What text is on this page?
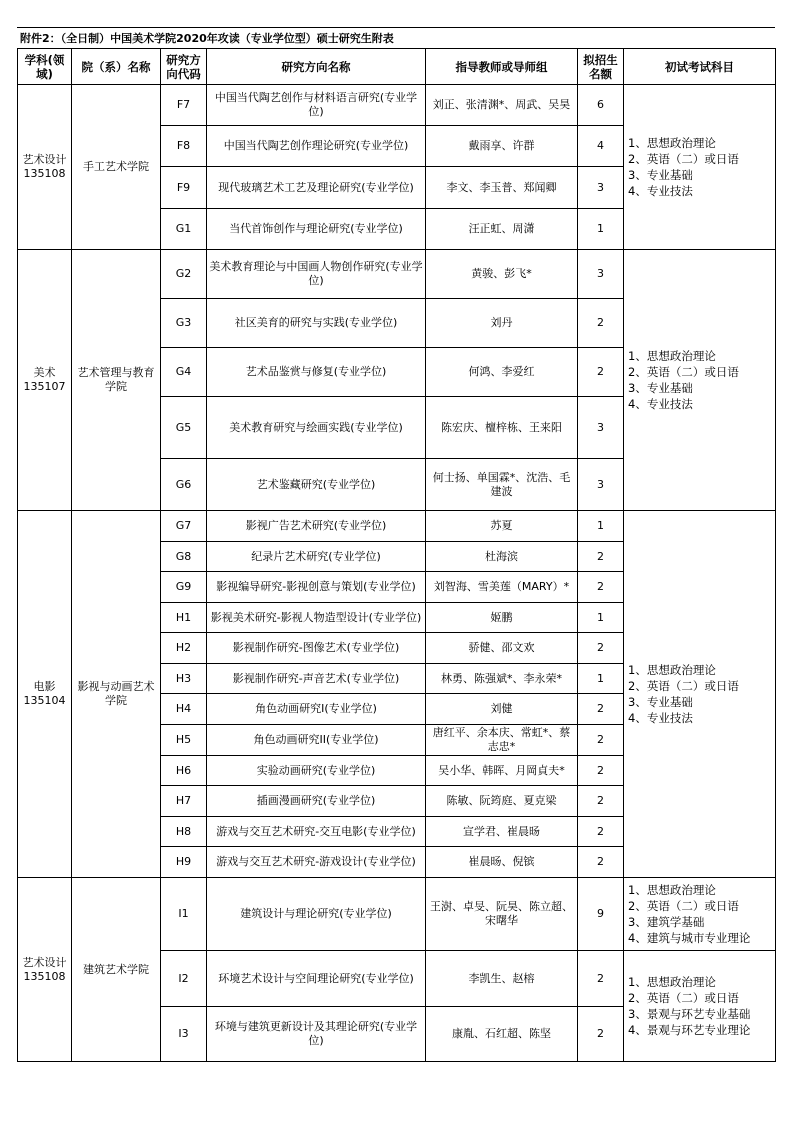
附件2：（全日制）中国美术学院2020年攻读（专业学位型）硕士研究生附表
学科(领域)	院（系）名称	研究方向代码	研究方向名称	指导教师或导师组	拟招生名额	初试考试科目
艺术设计 135108	手工艺术学院	F7	中国当代陶艺创作与材料语言研究(专业学位)	刘正、张清渊*、周武、吴昊	6	1、思想政治理论
2、英语（二）或日语
3、专业基础
4、专业技法

		F8	中国当代陶艺创作理论研究(专业学位)	戴雨享、许群	4	
		F9	现代玻璃艺术工艺及理论研究(专业学位)	李文、李玉普、郑闻卿	3	
		G1	当代首饰创作与理论研究(专业学位)	汪正虹、周潇	1	
美术 135107	艺术管理与教育学院	G2	美术教育理论与中国画人物创作研究(专业学位)	黄骏、彭飞*	3	1、思想政治理论
2、英语（二）或日语
3、专业基础
4、专业技法

		G3	社区美育的研究与实践(专业学位)	刘丹	2	
		G4	艺术品鉴赏与修复(专业学位)	何鸿、李爱红	2	
		G5	美术教育研究与绘画实践(专业学位)	陈宏庆、檀梓栋、王来阳	3	
		G6	艺术鉴藏研究(专业学位)	何士扬、单国霖*、沈浩、毛建波	3	
电影 135104	影视与动画艺术学院	G7	影视广告艺术研究(专业学位)	苏夏	1	1、思想政治理论
2、英语（二）或日语
3、专业基础
4、专业技法

		G8	纪录片艺术研究(专业学位)	杜海滨	2	
		G9	影视编导研究-影视创意与策划(专业学位)	刘智海、雪美莲（MARY）*	2	
		H1	影视美术研究-影视人物造型设计(专业学位)	姬鹏	1	
		H2	影视制作研究-图像艺术(专业学位)	骄健、邵文欢	2	
		H3	影视制作研究-声音艺术(专业学位)	林勇、陈强斌*、李永荣*	1	
		H4	角色动画研究I(专业学位)	刘健	2	
		H5	角色动画研究II(专业学位)	唐红平、余本庆、常虹*、蔡志忠*	2	
		H6	实验动画研究(专业学位)	吴小华、韩晖、月岡貞夫*	2	
		H7	插画漫画研究(专业学位)	陈敏、阮筠庭、夏克梁	2	
		H8	游戏与交互艺术研究-交互电影(专业学位)	宣学君、崔晨旸	2	
		H9	游戏与交互艺术研究-游戏设计(专业学位)	崔晨旸、倪镔	2	
艺术设计 135108	建筑艺术学院	I1	建筑设计与理论研究(专业学位)	王澍、卓旻、阮昊、陈立超、宋曙华	9	1、思想政治理论
2、英语（二）或日语
3、建筑学基础
4、建筑与城市专业理论

		I2	环境艺术设计与空间理论研究(专业学位)	李凯生、赵榕	2	1、思想政治理论
2、英语（二）或日语
3、景观与环艺专业基础
4、景观与环艺专业理论

		I3	环境与建筑更新设计及其理论研究(专业学位)	康胤、石红超、陈坚	2	
